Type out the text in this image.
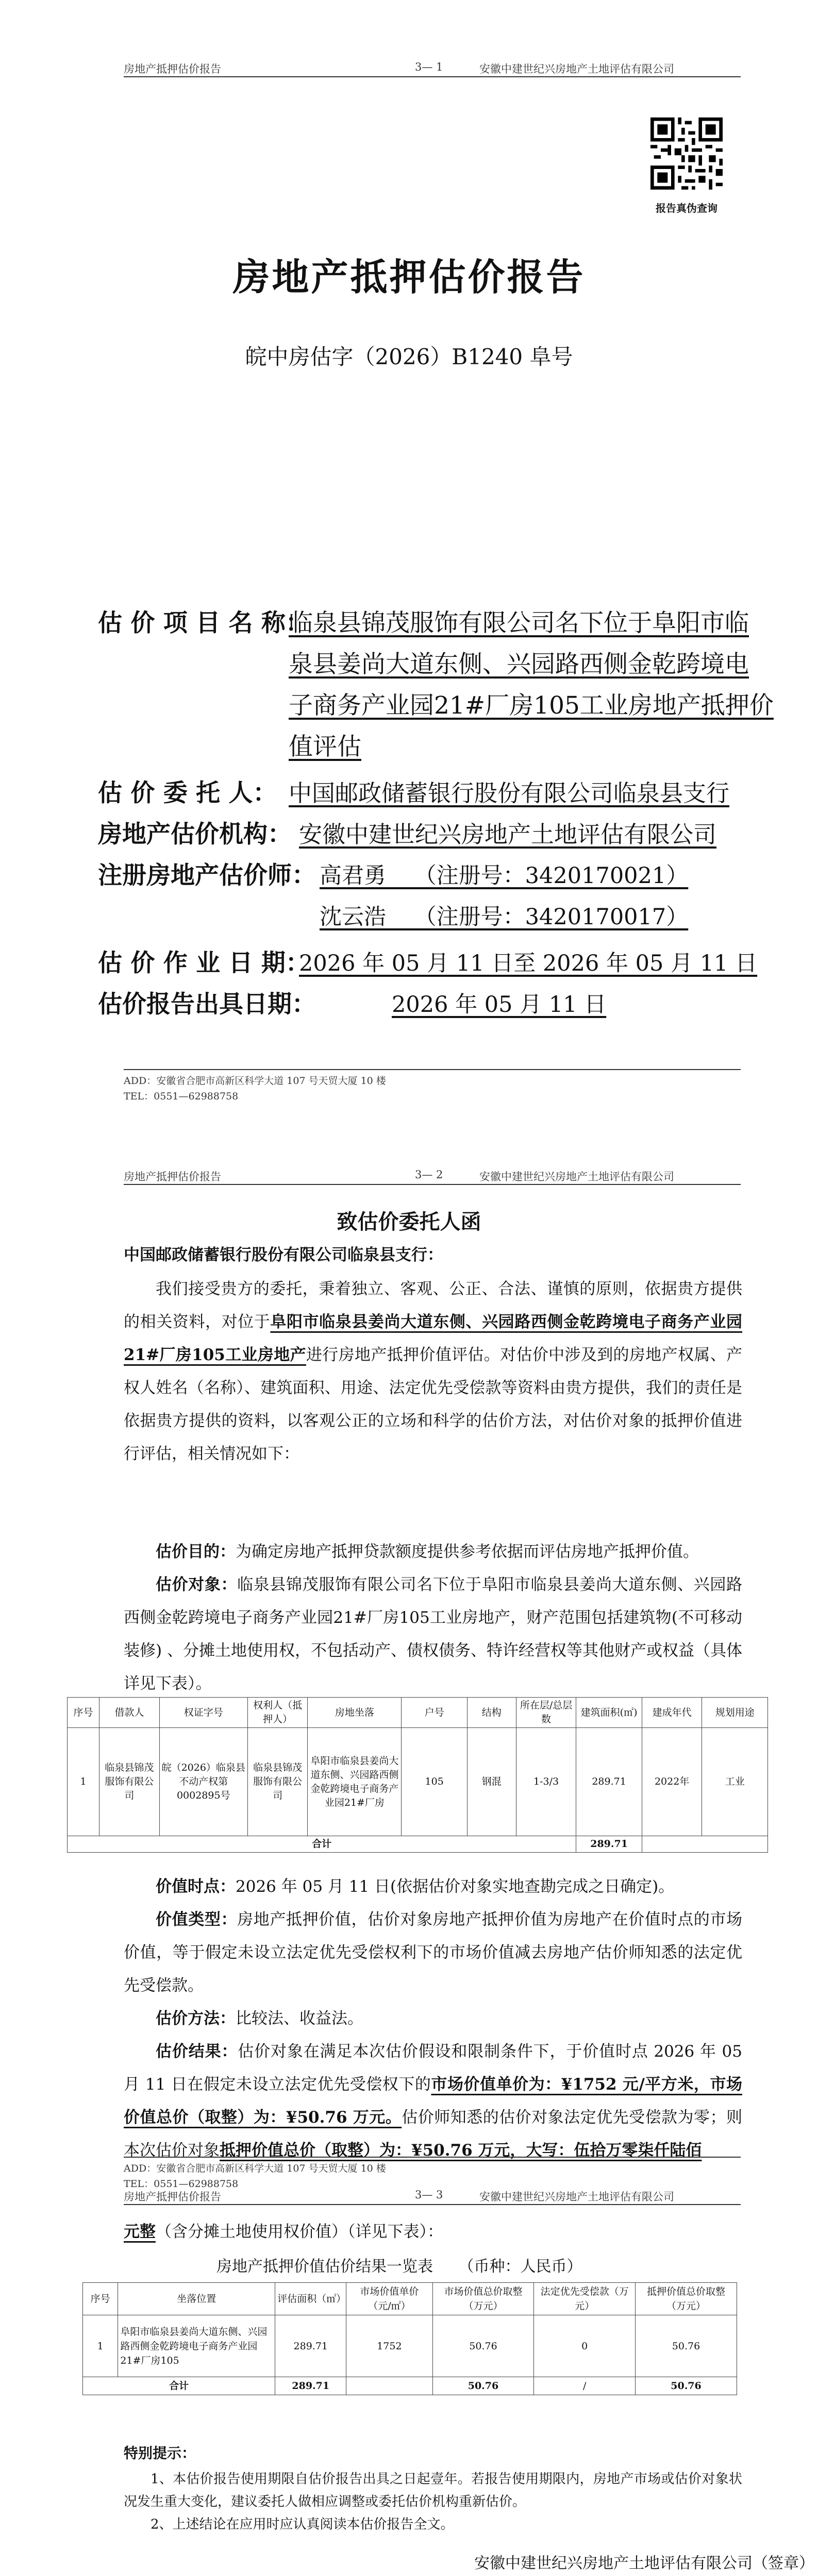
房地产抵押估价报告	3— 1	安徽中建世纪兴房地产土地评估有限公司
报告真伪查询
房地产抵押估价报告
皖中房估字（2026）B1240 阜号
估 价 项 目 名 称：
临泉县锦茂服饰有限公司名下位于阜阳市临
泉县姜尚大道东侧、兴园路西侧金乾跨境电
子商务产业园21#厂房105工业房地产抵押价
值评估
估 价 委 托 人： 中国邮政储蓄银行股份有限公司临泉县支行
房地产估价机构： 安徽中建世纪兴房地产土地评估有限公司
注册房地产估价师： 高君勇    （注册号：3420170021）
沈云浩    （注册号：3420170017）
估 价 作 业 日 期：
2026 年 05 月 11 日至 2026 年 05 月 11 日
估价报告出具日期：	2026 年 05 月 11 日
ADD：安徽省合肥市高新区科学大道 107 号天贸大厦 10 楼
TEL：0551—62988758
房地产抵押估价报告	3— 2	安徽中建世纪兴房地产土地评估有限公司
致估价委托人函
中国邮政储蓄银行股份有限公司临泉县支行：

我们接受贵方的委托，秉着独立、客观、公正、合法、谨慎的原则，依据贵方提供的相关资料，对位于阜阳市临泉县姜尚大道东侧、兴园路西侧金乾跨境电子商务产业园21#厂房105工业房地产进行房地产抵押价值评估。对估价中涉及到的房地产权属、产权人姓名（名称）、建筑面积、用途、法定优先受偿款等资料由贵方提供，我们的责任是依据贵方提供的资料，以客观公正的立场和科学的估价方法，对估价对象的抵押价值进行评估，相关情况如下：

估价目的：为确定房地产抵押贷款额度提供参考依据而评估房地产抵押价值。

估价对象：临泉县锦茂服饰有限公司名下位于阜阳市临泉县姜尚大道东侧、兴园路西侧金乾跨境电子商务产业园21#厂房105工业房地产，财产范围包括建筑物(不可移动装修) 、分摊土地使用权，不包括动产、债权债务、特许经营权等其他财产或权益（具体详见下表）。

序号	借款人	权证字号	权利人（抵押人）	房地坐落	户号	结构	所在层/总层数	建筑面积(㎡)	建成年代	规划用途
1	临泉县锦茂服饰有限公司	皖（2026）临泉县不动产权第0002895号	临泉县锦茂服饰有限公司	阜阳市临泉县姜尚大道东侧、兴园路西侧金乾跨境电子商务产业园21#厂房	105	钢混	1-3/3	289.71	2022年	工业
合计								289.71		

价值时点：2026 年 05 月 11 日(依据估价对象实地查勘完成之日确定)。

价值类型：房地产抵押价值，估价对象房地产抵押价值为房地产在价值时点的市场价值，等于假定未设立法定优先受偿权利下的市场价值减去房地产估价师知悉的法定优先受偿款。

估价方法：比较法、收益法。

估价结果：估价对象在满足本次估价假设和限制条件下，于价值时点 2026 年 05 月 11 日在假定未设立法定优先受偿权下的市场价值单价为：¥1752 元/平方米，市场价值总价（取整）为：¥50.76 万元。估价师知悉的估价对象法定优先受偿款为零；则本次估价对象抵押价值总价（取整）为：¥50.76 万元，大写：伍拾万零柒仟陆佰

ADD：安徽省合肥市高新区科学大道 107 号天贸大厦 10 楼
TEL：0551—62988758
房地产抵押估价报告	3— 3	安徽中建世纪兴房地产土地评估有限公司

元整（含分摊土地使用权价值）（详见下表）：

房地产抵押价值估价结果一览表 （币种：人民币）
序号	坐落位置	评估面积（㎡）	市场价值单价（元/㎡）	市场价值总价取整（万元）	法定优先受偿款（万元）	抵押价值总价取整（万元）
1	阜阳市临泉县姜尚大道东侧、兴园路西侧金乾跨境电子商务产业园21#厂房105	289.71	1752	50.76	0	50.76
合计		289.71		50.76	/	50.76
特别提示：

1、本估价报告使用期限自估价报告出具之日起壹年。若报告使用期限内，房地产市场或估价对象状况发生重大变化，建议委托人做相应调整或委托估价机构重新估价。

2、上述结论在应用时应认真阅读本估价报告全文。

安徽中建世纪兴房地产土地评估有限公司（签章）
